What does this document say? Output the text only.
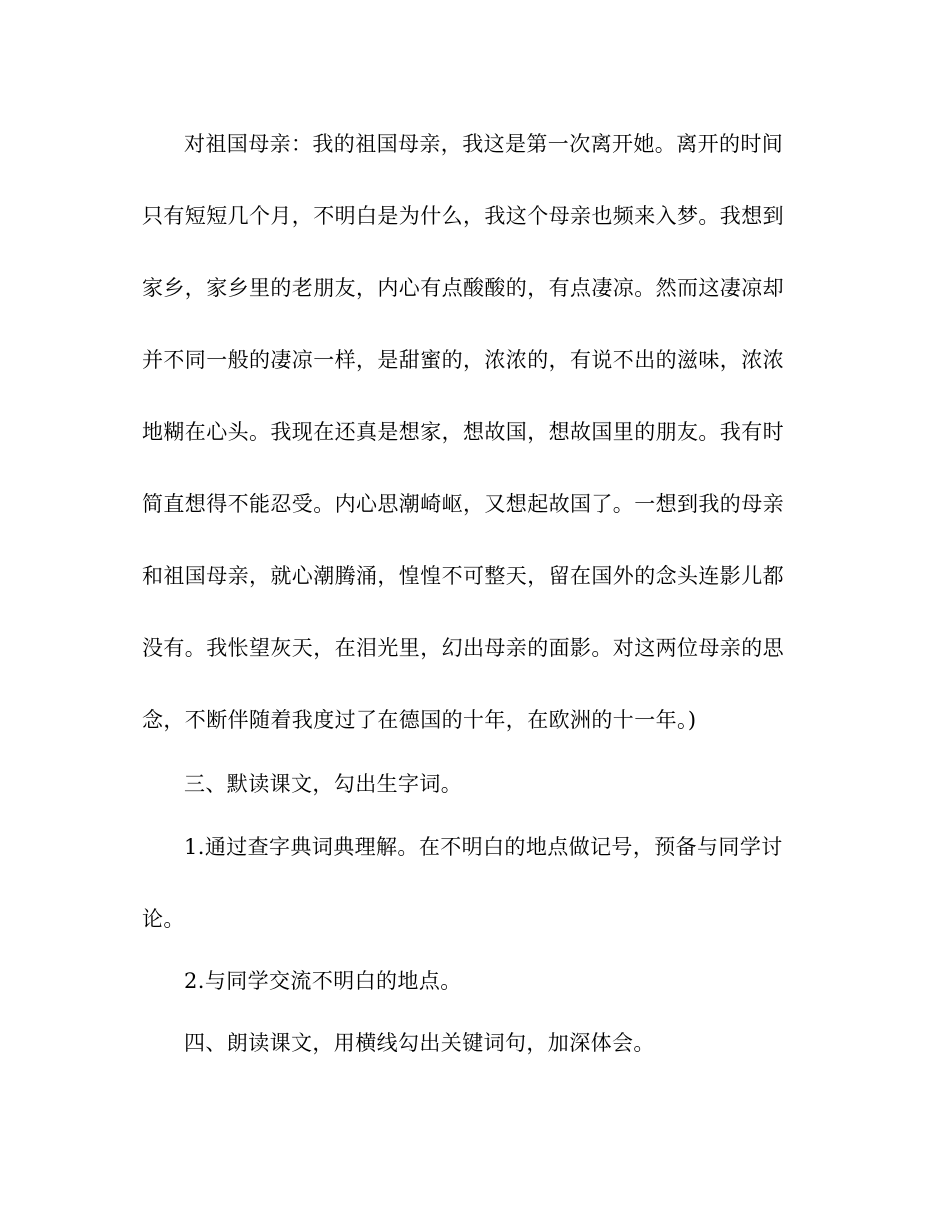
对祖国母亲：我的祖国母亲，我这是第一次离开她。离开的时间

只有短短几个月，不明白是为什么，我这个母亲也频来入梦。我想到

家乡，家乡里的老朋友，内心有点酸酸的，有点凄凉。然而这凄凉却

并不同一般的凄凉一样，是甜蜜的，浓浓的，有说不出的滋味，浓浓

地糊在心头。我现在还真是想家，想故国，想故国里的朋友。我有时

简直想得不能忍受。内心思潮崎岖，又想起故国了。一想到我的母亲

和祖国母亲，就心潮腾涌，惶惶不可整天，留在国外的念头连影儿都

没有。我怅望灰天，在泪光里，幻出母亲的面影。对这两位母亲的思

念，不断伴随着我度过了在德国的十年，在欧洲的十一年。)

三、默读课文，勾出生字词。

1.通过查字典词典理解。在不明白的地点做记号，预备与同学讨

论。

2.与同学交流不明白的地点。

四、朗读课文，用横线勾出关键词句，加深体会。
